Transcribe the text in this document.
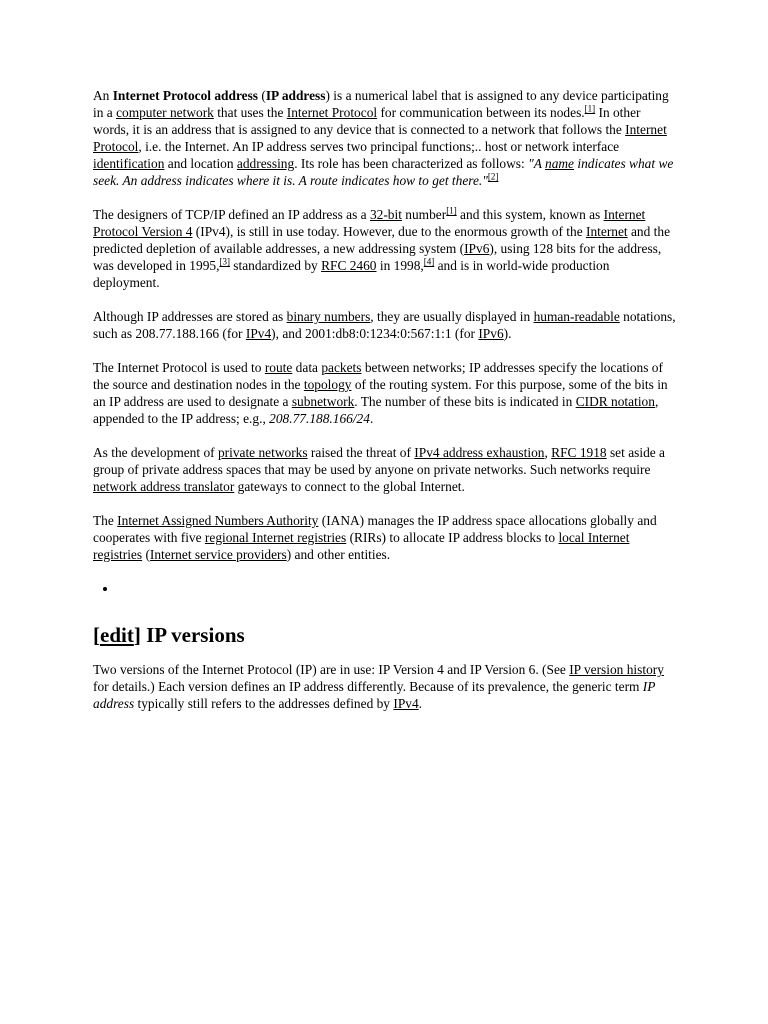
An Internet Protocol address (IP address) is a numerical label that is assigned to any device participating in a computer network that uses the Internet Protocol for communication between its nodes.[1] In other words, it is an address that is assigned to any device that is connected to a network that follows the Internet Protocol, i.e. the Internet. An IP address serves two principal functions;.. host or network interface identification and location addressing. Its role has been characterized as follows: "A name indicates what we seek. An address indicates where it is. A route indicates how to get there."[2]

The designers of TCP/IP defined an IP address as a 32-bit number[1] and this system, known as Internet Protocol Version 4 (IPv4), is still in use today. However, due to the enormous growth of the Internet and the predicted depletion of available addresses, a new addressing system (IPv6), using 128 bits for the address, was developed in 1995,[3] standardized by RFC 2460 in 1998,[4] and is in world-wide production deployment.

Although IP addresses are stored as binary numbers, they are usually displayed in human-readable notations, such as 208.77.188.166 (for IPv4), and 2001:db8:0:1234:0:567:1:1 (for IPv6).

The Internet Protocol is used to route data packets between networks; IP addresses specify the locations of the source and destination nodes in the topology of the routing system. For this purpose, some of the bits in an IP address are used to designate a subnetwork. The number of these bits is indicated in CIDR notation, appended to the IP address; e.g., 208.77.188.166/24.

As the development of private networks raised the threat of IPv4 address exhaustion, RFC 1918 set aside a group of private address spaces that may be used by anyone on private networks. Such networks require network address translator gateways to connect to the global Internet.

The Internet Assigned Numbers Authority (IANA) manages the IP address space allocations globally and cooperates with five regional Internet registries (RIRs) to allocate IP address blocks to local Internet registries (Internet service providers) and other entities.

•
[edit] IP versions

Two versions of the Internet Protocol (IP) are in use: IP Version 4 and IP Version 6. (See IP version history for details.) Each version defines an IP address differently. Because of its prevalence, the generic term IP address typically still refers to the addresses defined by IPv4.
